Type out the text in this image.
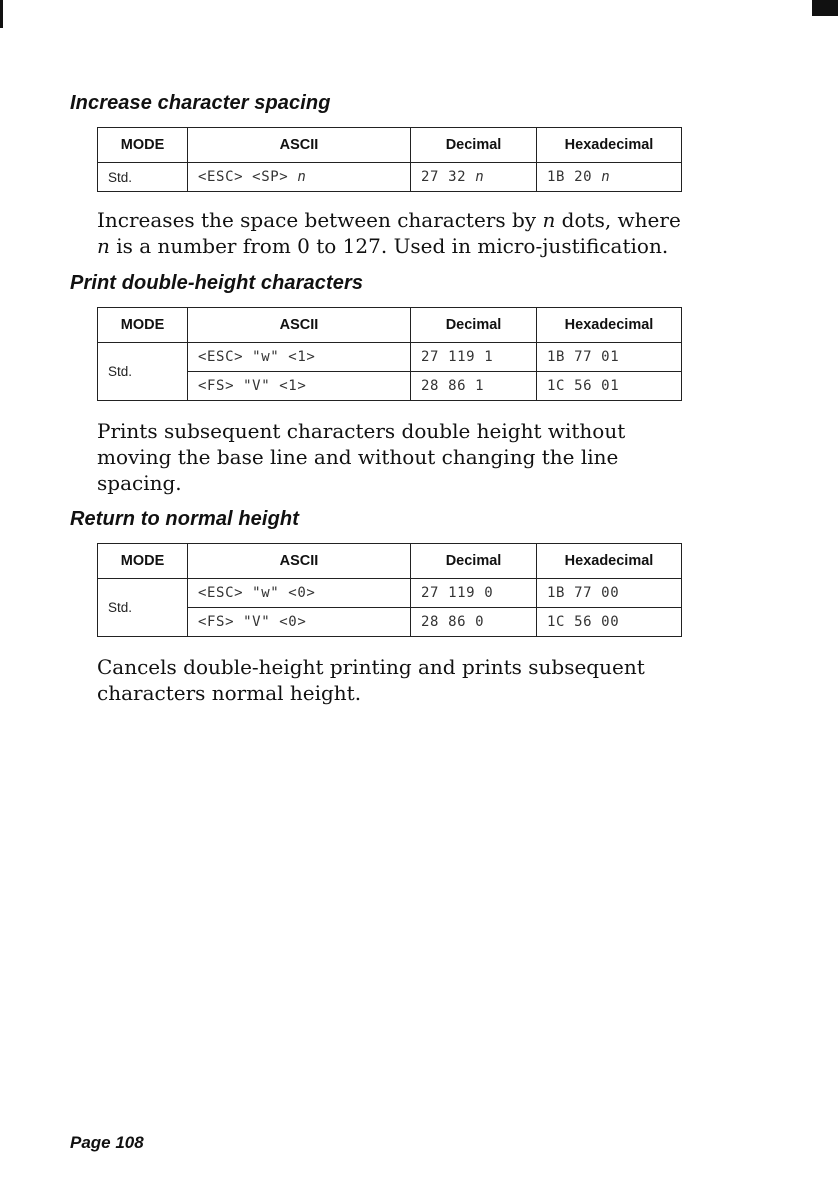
Increase character spacing
MODE	ASCII	Decimal	Hexadecimal
Std.	<ESC> <SP> n	27 32 n	1B 20 n

Increases the space between characters by n dots, where
n is a number from 0 to 127. Used in micro-justification.

Print double-height characters
MODE	ASCII	Decimal	Hexadecimal
Std.	<ESC> "w" <1>	27 119 1	1B 77 01
	<FS> "V" <1>	28 86 1	1C 56 01

Prints subsequent characters double height without moving the base line and without changing the line spacing.

Return to normal height
MODE	ASCII	Decimal	Hexadecimal
Std.	<ESC> "w" <0>	27 119 0	1B 77 00
	<FS> "V" <0>	28 86 0	1C 56 00

Cancels double-height printing and prints subsequent characters normal height.

Page 108
